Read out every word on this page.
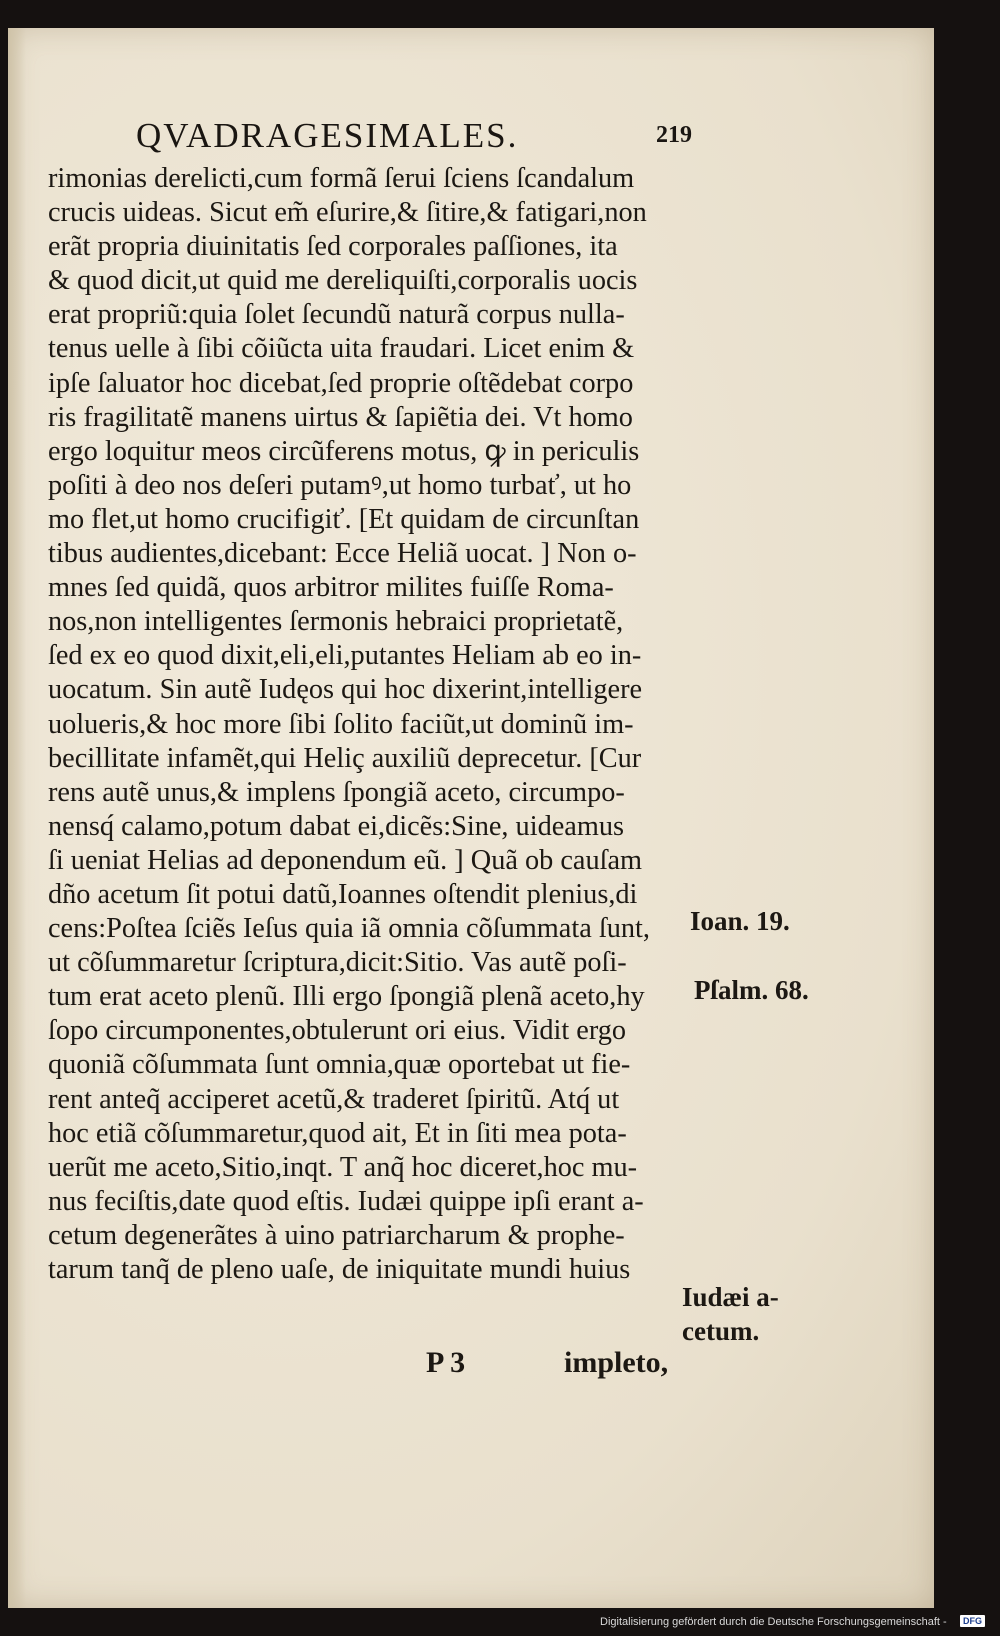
QVADRAGESIMALES.	219
rimonias derelicti,cum formã ſerui ſciens ſcandalum
crucis uideas. Sicut em̃ eſurire,& ſitire,& fatigari,non
erãt propria diuinitatis ſed corporales paſſiones, ita
& quod dicit,ut quid me dereliquiſti,corporalis uocis
erat propriũ:quia ſolet ſecundũ naturã corpus nulla-
tenus uelle à ſibi cõiũcta uita fraudari. Licet enim &
ipſe ſaluator hoc dicebat,ſed proprie oſtẽdebat corpo
ris fragilitatẽ manens uirtus & ſapiẽtia dei. Vt homo
ergo loquitur meos circũferens motus, ꝙ in periculis
poſiti à deo nos deſeri putamꝰ,ut homo turbať, ut ho
mo flet,ut homo crucifigiť. [Et quidam de circunſtan
tibus audientes,dicebant: Ecce Heliã uocat. ] Non o-
mnes ſed quidã, quos arbitror milites fuiſſe Roma-
nos,non intelligentes ſermonis hebraici proprietatẽ,
ſed ex eo quod dixit,eli,eli,putantes Heliam ab eo in-
uocatum. Sin autẽ Iudęos qui hoc dixerint,intelligere
uolueris,& hoc more ſibi ſolito faciũt,ut dominũ im-
becillitate infamẽt,qui Heliç auxiliũ deprecetur. [Cur
rens autẽ unus,& implens ſpongiã aceto, circumpo-
nensq́ calamo,potum dabat ei,dicẽs:Sine, uideamus
ſi ueniat Helias ad deponendum eũ. ] Quã ob cauſam
dño acetum ſit potui datũ,Ioannes oſtendit plenius,di
cens:Poſtea ſciẽs Ieſus quia iã omnia cõſummata ſunt,
ut cõſummaretur ſcriptura,dicit:Sitio. Vas autẽ poſi-
tum erat aceto plenũ. Illi ergo ſpongiã plenã aceto,hy
ſopo circumponentes,obtulerunt ori eius. Vidit ergo
quoniã cõſummata ſunt omnia,quæ oportebat ut fie-
rent anteq̃ acciperet acetũ,& traderet ſpiritũ. Atq́ ut
hoc etiã cõſummaretur,quod ait, Et in ſiti mea pota-
uerũt me aceto,Sitio,inqt. T anq̃ hoc diceret,hoc mu-
nus feciſtis,date quod eſtis. Iudæi quippe ipſi erant a-
cetum degenerãtes à uino patriarcharum & prophe-
tarum tanq̃ de pleno uaſe, de iniquitate mundi huius
Ioan. 19.
Pſalm. 68.
Iudæi a-
cetum.
P 3	impleto,
Digitalisierung gefördert durch die Deutsche Forschungsgemeinschaft -	DFG
